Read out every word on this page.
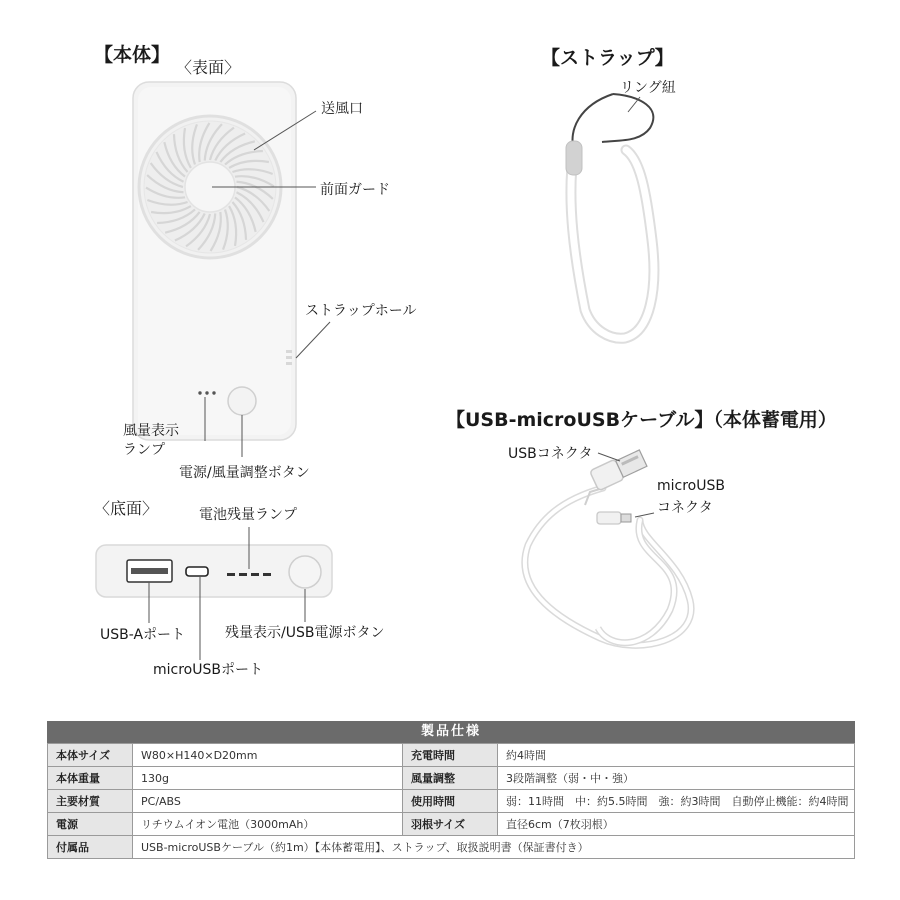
【本体】
〈表面〉	【ストラップ】
リング紐
送風口
前面ガード
ストラップホール
風量表示
ランプ
電源/風量調整ボタン
【USB-microUSBケーブル】（本体蓄電用）
USBコネクタ
microUSB
コネクタ
〈底面〉	電池残量ランプ
USB-Aポート	残量表示/USB電源ボタン
microUSBポート
製品仕様
本体サイズ	W80×H140×D20mm	充電時間	約4時間
本体重量	130g	風量調整	3段階調整（弱・中・強）
主要材質	PC/ABS	使用時間	弱：11時間　中：約5.5時間　強：約3時間　自動停止機能：約4時間
電源	リチウムイオン電池（3000mAh）	羽根サイズ	直径6cm（7枚羽根）
付属品	USB-microUSBケーブル（約1m）【本体蓄電用】、ストラップ、取扱説明書（保証書付き）		
